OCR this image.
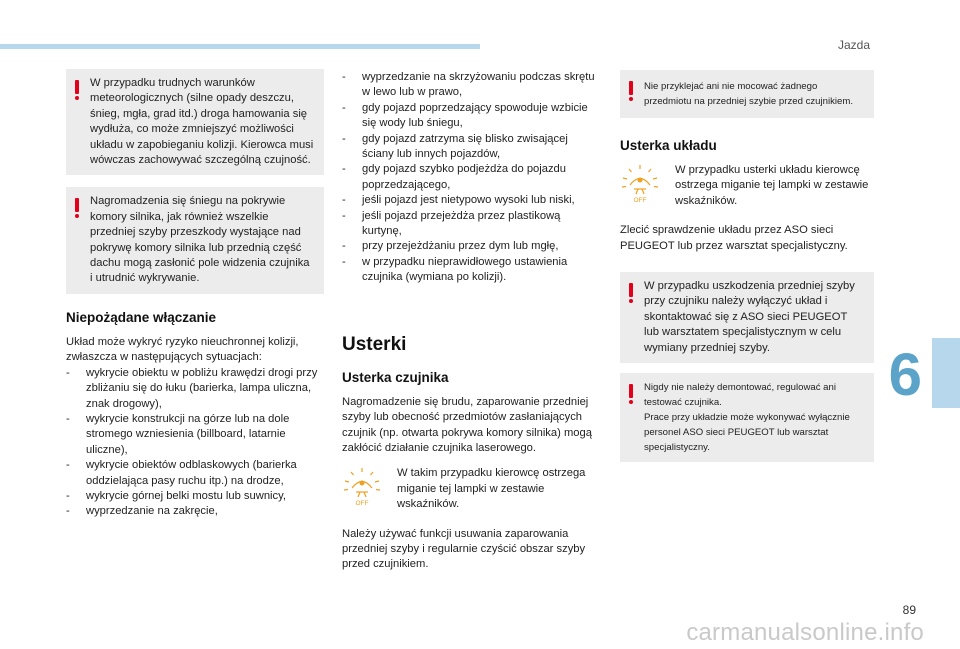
Jazda
6
89
carmanualsonline.info
W przypadku trudnych warunków meteorologicznych (silne opady deszczu, śnieg, mgła, grad itd.) droga hamowania się wydłuża, co może zmniejszyć możliwości układu w zapobieganiu kolizji. Kierowca musi wówczas zachowywać szczególną czujność.
Nagromadzenia się śniegu na pokrywie komory silnika, jak również wszelkie przedniej szyby przeszkody wystające nad pokrywę komory silnika lub przednią część dachu mogą zasłonić pole widzenia czujnika i utrudnić wykrywanie.
Niepożądane włączanie
Układ może wykryć ryzyko nieuchronnej kolizji, zwłaszcza w następujących sytuacjach:
- wykrycie obiektu w pobliżu krawędzi drogi przy zbliżaniu się do łuku (barierka, lampa uliczna, znak drogowy),
- wykrycie konstrukcji na górze lub na dole stromego wzniesienia (billboard, latarnie uliczne),
- wykrycie obiektów odblaskowych (barierka oddzielająca pasy ruchu itp.) na drodze,
- wykrycie górnej belki mostu lub suwnicy,
- wyprzedzanie na zakręcie,
- wyprzedzanie na skrzyżowaniu podczas skrętu w lewo lub w prawo,
- gdy pojazd poprzedzający spowoduje wzbicie się wody lub śniegu,
- gdy pojazd zatrzyma się blisko zwisającej ściany lub innych pojazdów,
- gdy pojazd szybko podjeżdża do pojazdu poprzedzającego,
- jeśli pojazd jest nietypowo wysoki lub niski,
- jeśli pojazd przejeżdża przez plastikową kurtynę,
- przy przejeżdżaniu przez dym lub mgłę,
- w przypadku nieprawidłowego ustawienia czujnika (wymiana po kolizji).
Usterki
Usterka czujnika
Nagromadzenie się brudu, zaparowanie przedniej szyby lub obecność przedmiotów zasłaniających czujnik (np. otwarta pokrywa komory silnika) mogą zakłócić działanie czujnika laserowego.
OFF
W takim przypadku kierowcę ostrzega miganie tej lampki w zestawie wskaźników.
Należy używać funkcji usuwania zaparowania przedniej szyby i regularnie czyścić obszar szyby przed czujnikiem.
Nie przyklejać ani nie mocować żadnego przedmiotu na przedniej szybie przed czujnikiem.
Usterka układu
OFF
W przypadku usterki układu kierowcę ostrzega miganie tej lampki w zestawie wskaźników.
Zlecić sprawdzenie układu przez ASO sieci PEUGEOT lub przez warsztat specjalistyczny.
W przypadku uszkodzenia przedniej szyby przy czujniku należy wyłączyć układ i skontaktować się z ASO sieci PEUGEOT lub warsztatem specjalistycznym w celu wymiany przedniej szyby.
Nigdy nie należy demontować, regulować ani testować czujnika.
Prace przy układzie może wykonywać wyłącznie personel ASO sieci PEUGEOT lub warsztat specjalistyczny.
